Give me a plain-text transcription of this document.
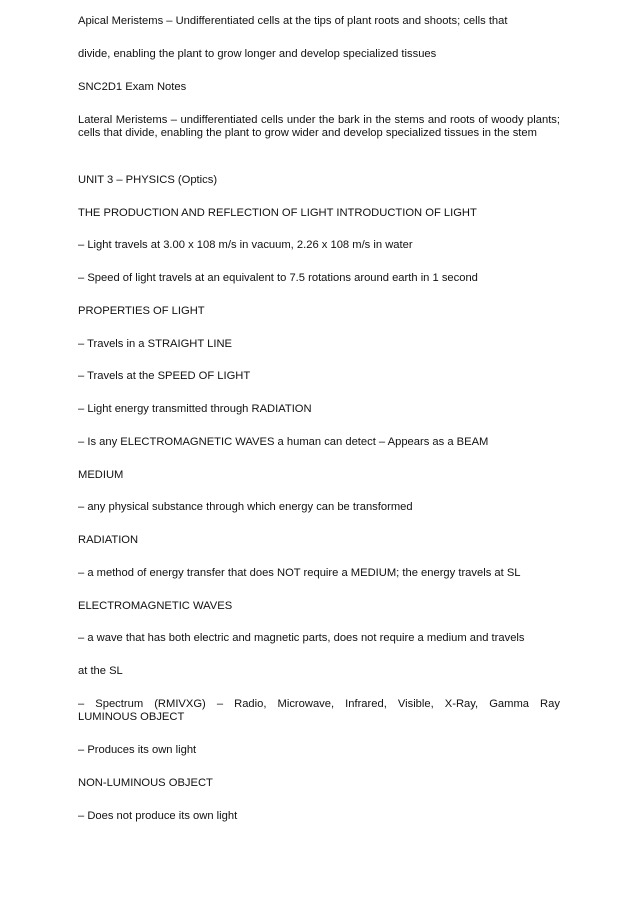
Apical Meristems – Undifferentiated cells at the tips of plant roots and shoots; cells that
divide, enabling the plant to grow longer and develop specialized tissues
SNC2D1 Exam Notes
Lateral Meristems – undifferentiated cells under the bark in the stems and roots of woody plants; cells that divide, enabling the plant to grow wider and develop specialized tissues in the stem
UNIT 3 – PHYSICS (Optics)
THE PRODUCTION AND REFLECTION OF LIGHT INTRODUCTION OF LIGHT
– Light travels at 3.00 x 108 m/s in vacuum, 2.26 x 108 m/s in water
– Speed of light travels at an equivalent to 7.5 rotations around earth in 1 second
PROPERTIES OF LIGHT
– Travels in a STRAIGHT LINE
– Travels at the SPEED OF LIGHT
– Light energy transmitted through RADIATION
– Is any ELECTROMAGNETIC WAVES a human can detect – Appears as a BEAM
MEDIUM
– any physical substance through which energy can be transformed
RADIATION
– a method of energy transfer that does NOT require a MEDIUM; the energy travels at SL
ELECTROMAGNETIC WAVES
– a wave that has both electric and magnetic parts, does not require a medium and travels
at the SL
– Spectrum (RMIVXG) – Radio, Microwave, Infrared, Visible, X-Ray, Gamma Ray
LUMINOUS OBJECT
– Produces its own light
NON-LUMINOUS OBJECT
– Does not produce its own light
